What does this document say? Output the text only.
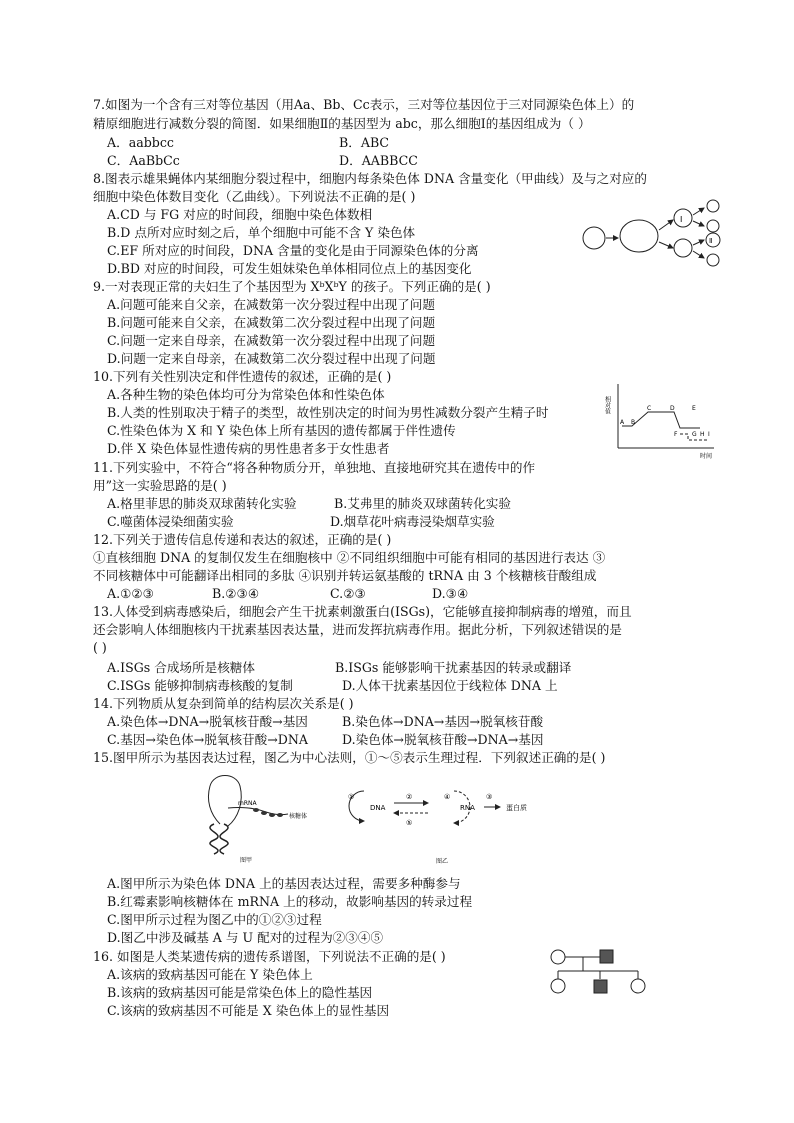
7.如图为一个含有三对等位基因（用Aa、Bb、Cc表示，三对等位基因位于三对同源染色体上）的
精原细胞进行减数分裂的简图．如果细胞Ⅱ的基因型为 abc，那么细胞Ⅰ的基因组成为（ ）
A．aabbcc	B．ABC
C．AaBbCc	D．AABBCC
8.图表示雄果蝇体内某细胞分裂过程中，细胞内每条染色体 DNA 含量变化（甲曲线）及与之对应的
细胞中染色体数目变化（乙曲线）。下列说法不正确的是( )
A.CD 与 FG 对应的时间段，细胞中染色体数相
B.D 点所对应时刻之后，单个细胞中可能不含 Y 染色体
C.EF 所对应的时间段，DNA 含量的变化是由于同源染色体的分离
D.BD 对应的时间段，可发生姐妹染色单体相同位点上的基因变化
Ⅰ
Ⅱ
9.一对表现正常的夫妇生了个基因型为 XᵇXᵇY 的孩子。下列正确的是( )
A.问题可能来自父亲，在减数第一次分裂过程中出现了问题
B.问题可能来自父亲，在减数第二次分裂过程中出现了问题
C.问题一定来自母亲，在减数第一次分裂过程中出现了问题
D.问题一定来自母亲，在减数第二次分裂过程中出现了问题
10.下列有关性别决定和伴性遗传的叙述，正确的是( )
A.各种生物的染色体均可分为常染色体和性染色体
B.人类的性别取决于精子的类型，故性别决定的时间为男性减数分裂产生精子时
C.性染色体为 X 和 Y 染色体上所有基因的遗传都属于伴性遗传
D.伴 X 染色体显性遗传病的男性患者多于女性患者
相对值
时间
A B
C	D	E
F G H I
11.下列实验中，不符合“将各种物质分开，单独地、直接地研究其在遗传中的作
用”这一实验思路的是( )
A.格里菲思的肺炎双球菌转化实验	B.艾弗里的肺炎双球菌转化实验
C.噬菌体浸染细菌实验	D.烟草花叶病毒浸染烟草实验
12.下列关于遗传信息传递和表达的叙述，正确的是( )
①直核细胞 DNA 的复制仅发生在细胞核中 ②不同组织细胞中可能有相同的基因进行表达 ③
不同核糖体中可能翻译出相同的多肽 ④识别并转运氨基酸的 tRNA 由 3 个核糖核苷酸组成
A.①②③	B.②③④	C.②③	D.③④
13.人体受到病毒感染后，细胞会产生干扰素刺激蛋白(ISGs)，它能够直接抑制病毒的增殖，而且
还会影响人体细胞核内干扰素基因表达量，进而发挥抗病毒作用。据此分析，下列叙述错误的是
( )
A.ISGs 合成场所是核糖体	B.ISGs 能够影响干扰素基因的转录或翻译
C.ISGs 能够抑制病毒核酸的复制	D.人体干扰素基因位于线粒体 DNA 上
14.下列物质从复杂到简单的结构层次关系是( )
A.染色体→DNA→脱氧核苷酸→基因	B.染色体→DNA→基因→脱氧核苷酸
C.基因→染色体→脱氧核苷酸→DNA	D.染色体→脱氧核苷酸→DNA→基因
15.图甲所示为基因表达过程，图乙为中心法则，①～⑤表示生理过程．下列叙述正确的是( )
mRNA
核糖体
图甲
①
DNA
②
⑤
RNA
④	③
蛋白质
图乙
A.图甲所示为染色体 DNA 上的基因表达过程，需要多种酶参与
B.红霉素影响核糖体在 mRNA 上的移动，故影响基因的转录过程
C.图甲所示过程为图乙中的①②③过程
D.图乙中涉及碱基 A 与 U 配对的过程为②③④⑤
16. 如图是人类某遗传病的遗传系谱图，下列说法不正确的是( )
A.该病的致病基因可能在 Y 染色体上
B.该病的致病基因可能是常染色体上的隐性基因
C.该病的致病基因不可能是 X 染色体上的显性基因
